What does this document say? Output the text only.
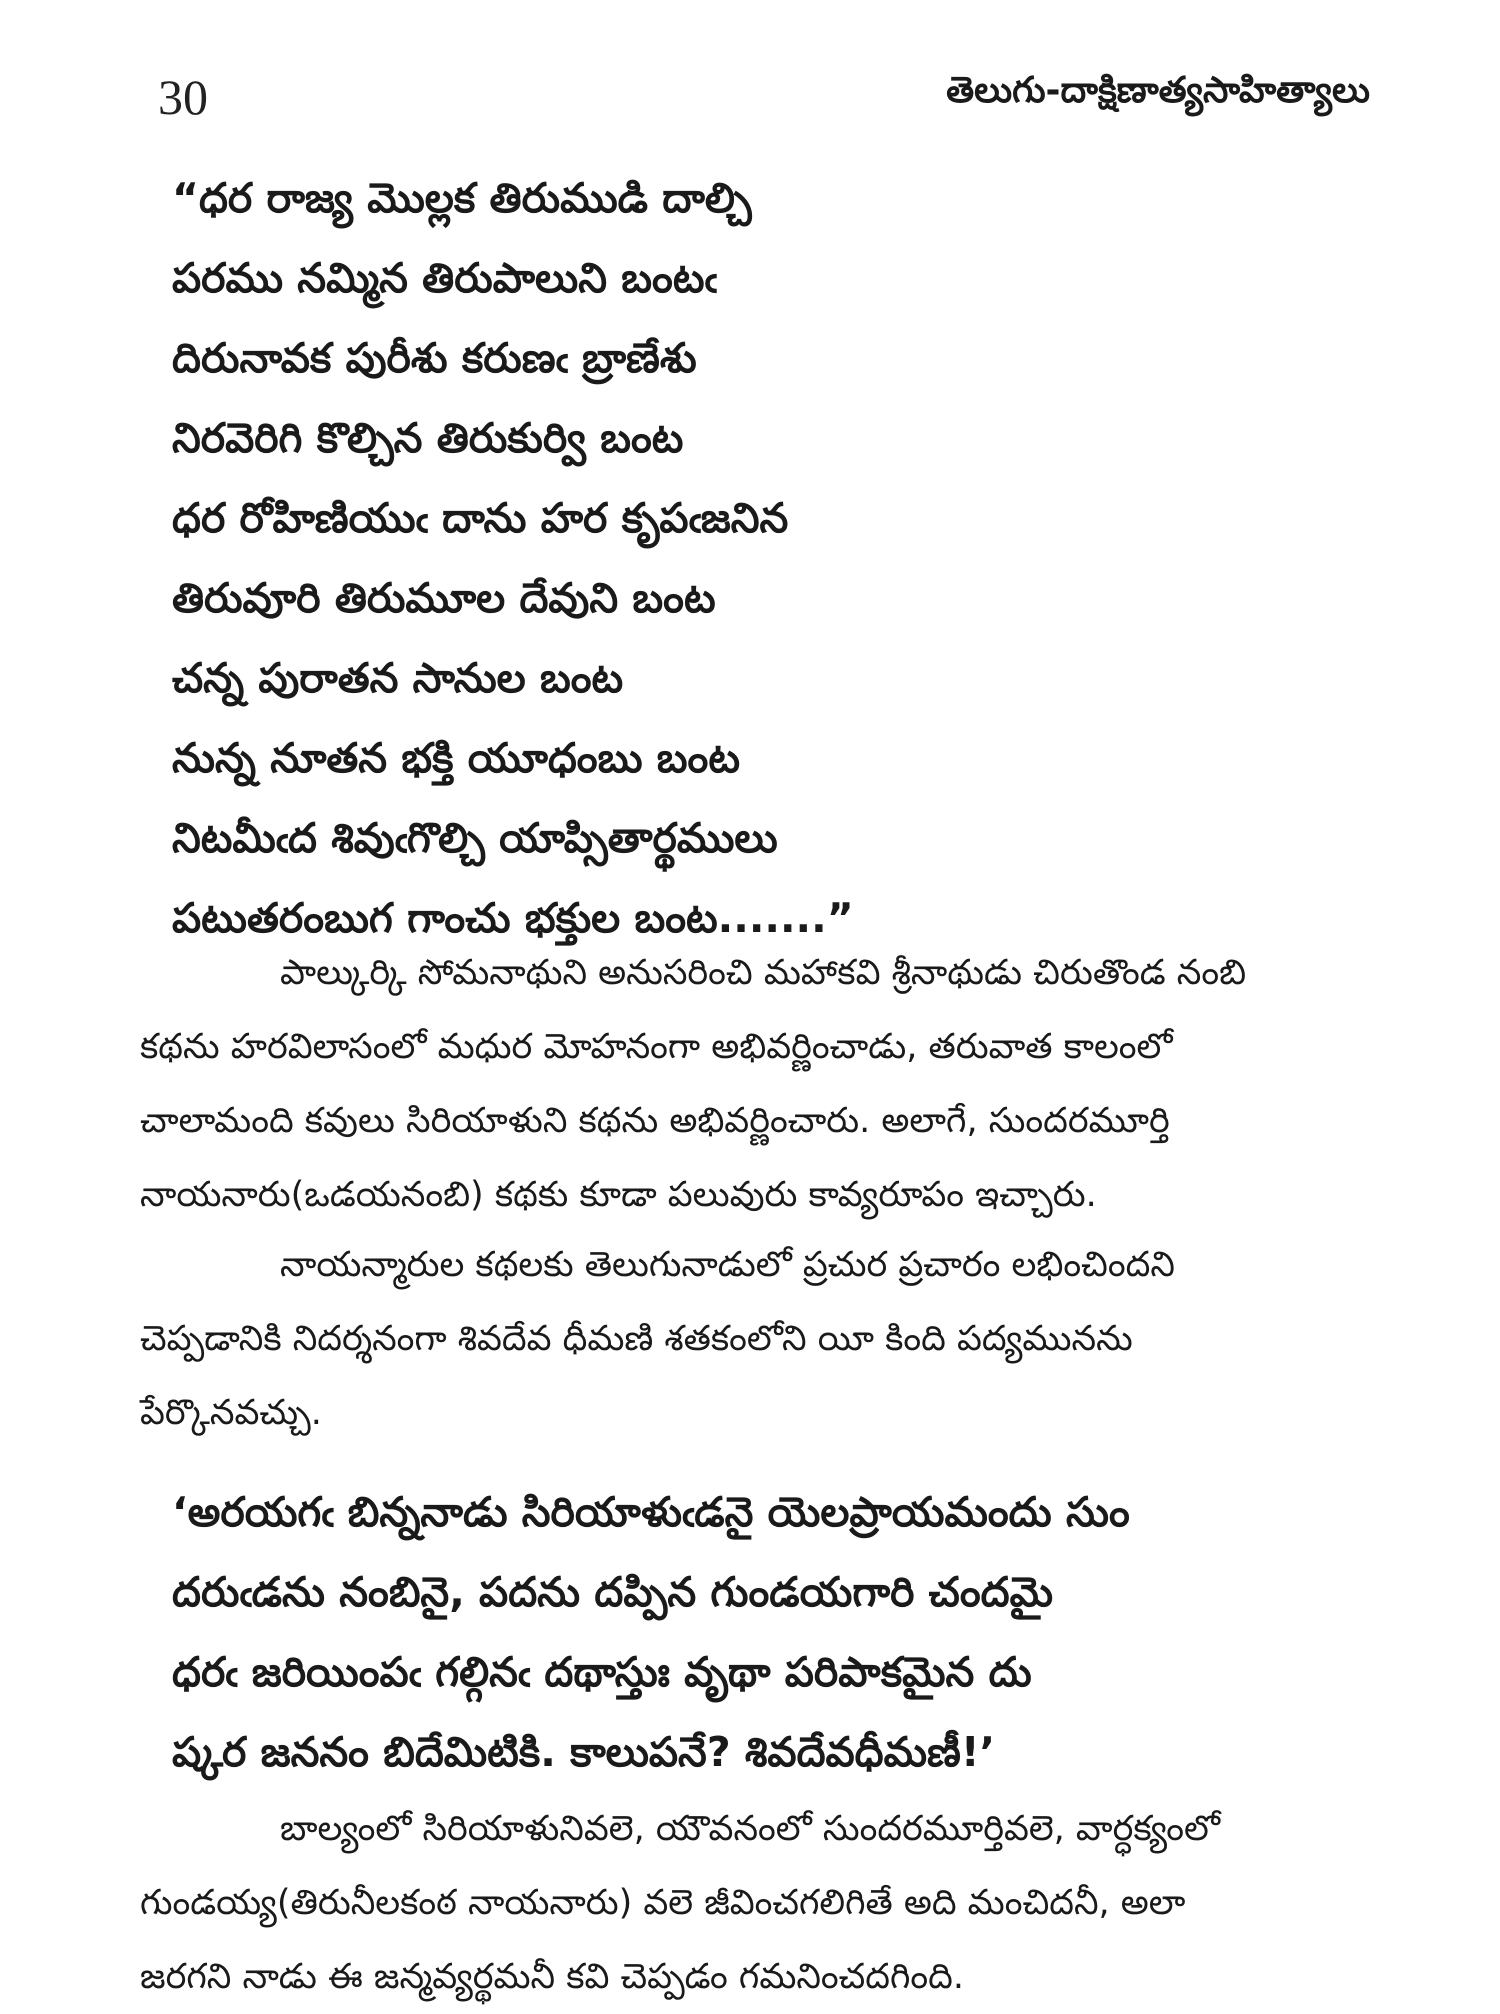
30	తెలుగు-దాక్షిణాత్యసాహిత్యాలు
“ధర రాజ్య మొల్లక తిరుముడి దాల్చి
పరము నమ్మిన తిరుపాలుని బంటఁ
దిరునావక పురీశు కరుణఁ బ్రాణేశు
నిరవెరిగి కొల్చిన తిరుకుర్వి బంట
ధర రోహిణియుఁ దాను హర కృపఁజనిన
తిరువూరి తిరుమూల దేవుని బంట
చన్న పురాతన సానుల బంట
నున్న నూతన భక్తి యూధంబు బంట
నిటమీఁద శివుఁగొల్చి యాప్సితార్థములు
పటుతరంబుగ గాంచు భక్తుల బంట.......”

పాల్కుర్కి సోమనాథుని అనుసరించి మహాకవి శ్రీనాథుడు చిరుతొండ నంబి
కథను హరవిలాసంలో మధుర మోహనంగా అభివర్ణించాడు, తరువాత కాలంలో
చాలామంది కవులు సిరియాళుని కథను అభివర్ణించారు. అలాగే, సుందరమూర్తి
నాయనారు(ఒడయనంబి) కథకు కూడా పలువురు కావ్యరూపం ఇచ్చారు.

నాయన్మారుల కథలకు తెలుగునాడులో ప్రచుర ప్రచారం లభించిందని
చెప్పడానికి నిదర్శనంగా శివదేవ ధీమణి శతకంలోని యీ కింది పద్యమునను
పేర్కొనవచ్చు.

‘అరయగఁ బిన్ననాడు సిరియాళుఁడనై యెలప్రాయమందు సుం
దరుఁడను నంబినై, పదను దప్పిన గుండయగారి చందమై
ధరఁ జరియింపఁ గల్గినఁ దథాస్తుః వృథా పరిపాకమైన దు
ష్కర జననం బిదేమిటికి. కాలుపనే? శివదేవధీమణీ!’

బాల్యంలో సిరియాళునివలె, యౌవనంలో సుందరమూర్తివలె, వార్ధక్యంలో
గుండయ్య(తిరునీలకంఠ నాయనారు) వలె జీవించగలిగితే అది మంచిదనీ, అలా
జరగని నాడు ఈ జన్మవ్యర్థమనీ కవి చెప్పడం గమనించదగింది.
